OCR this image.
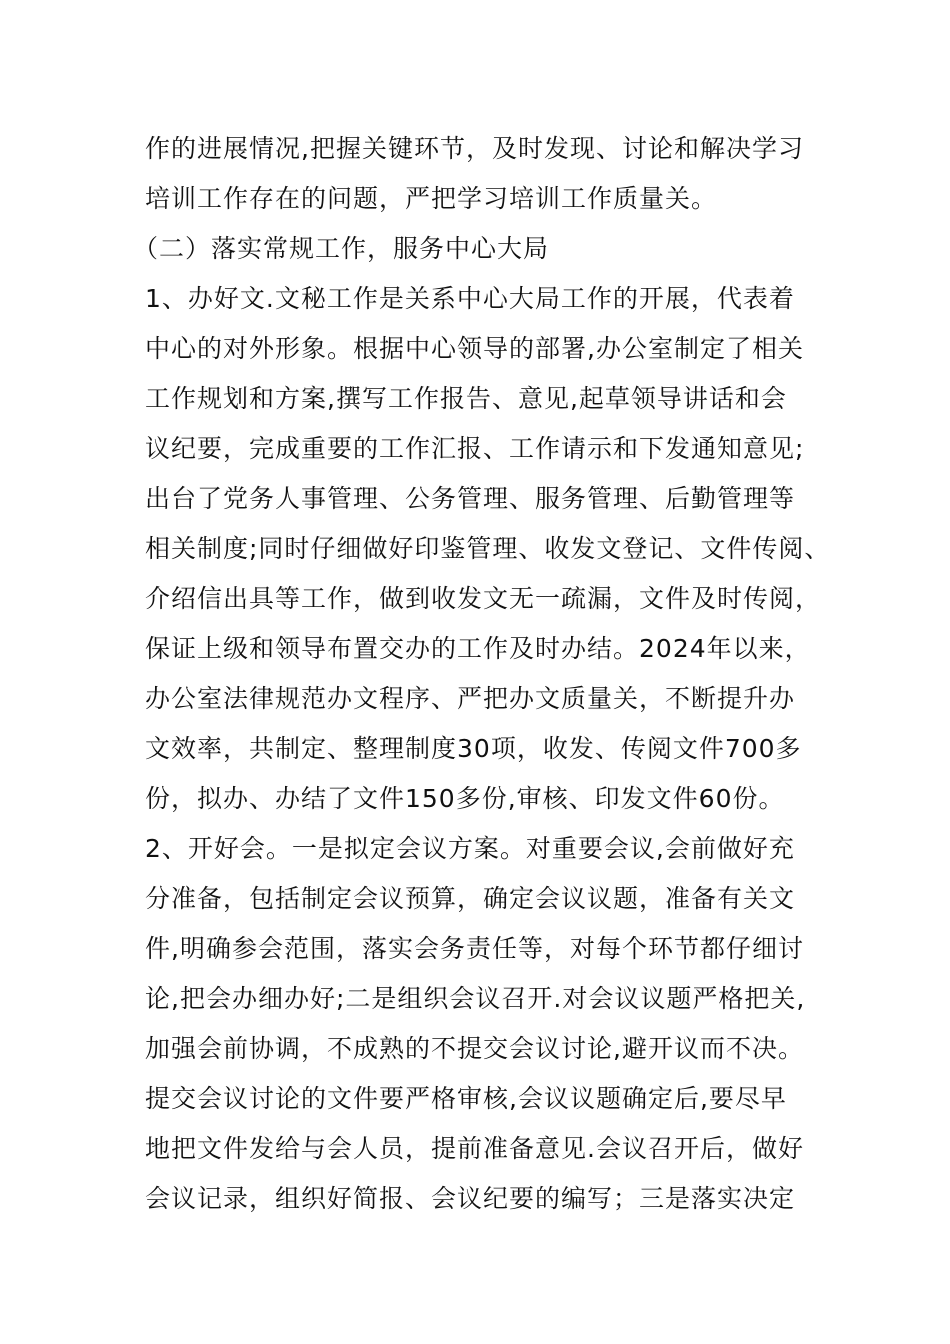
作的进展情况,把握关键环节，及时发现、讨论和解决学习
培训工作存在的问题，严把学习培训工作质量关。
（二）落实常规工作，服务中心大局
1、办好文.文秘工作是关系中心大局工作的开展，代表着
中心的对外形象。根据中心领导的部署,办公室制定了相关
工作规划和方案,撰写工作报告、意见,起草领导讲话和会
议纪要，完成重要的工作汇报、工作请示和下发通知意见;
出台了党务人事管理、公务管理、服务管理、后勤管理等
相关制度;同时仔细做好印鉴管理、收发文登记、文件传阅、
介绍信出具等工作，做到收发文无一疏漏，文件及时传阅，
保证上级和领导布置交办的工作及时办结。2024年以来，
办公室法律规范办文程序、严把办文质量关，不断提升办
文效率，共制定、整理制度30项，收发、传阅文件700多
份，拟办、办结了文件150多份,审核、印发文件60份。
2、开好会。一是拟定会议方案。对重要会议,会前做好充
分准备，包括制定会议预算，确定会议议题，准备有关文
件,明确参会范围，落实会务责任等，对每个环节都仔细讨
论,把会办细办好;二是组织会议召开.对会议议题严格把关,
加强会前协调，不成熟的不提交会议讨论,避开议而不决。
提交会议讨论的文件要严格审核,会议议题确定后,要尽早
地把文件发给与会人员，提前准备意见.会议召开后，做好
会议记录，组织好简报、会议纪要的编写；三是落实决定
